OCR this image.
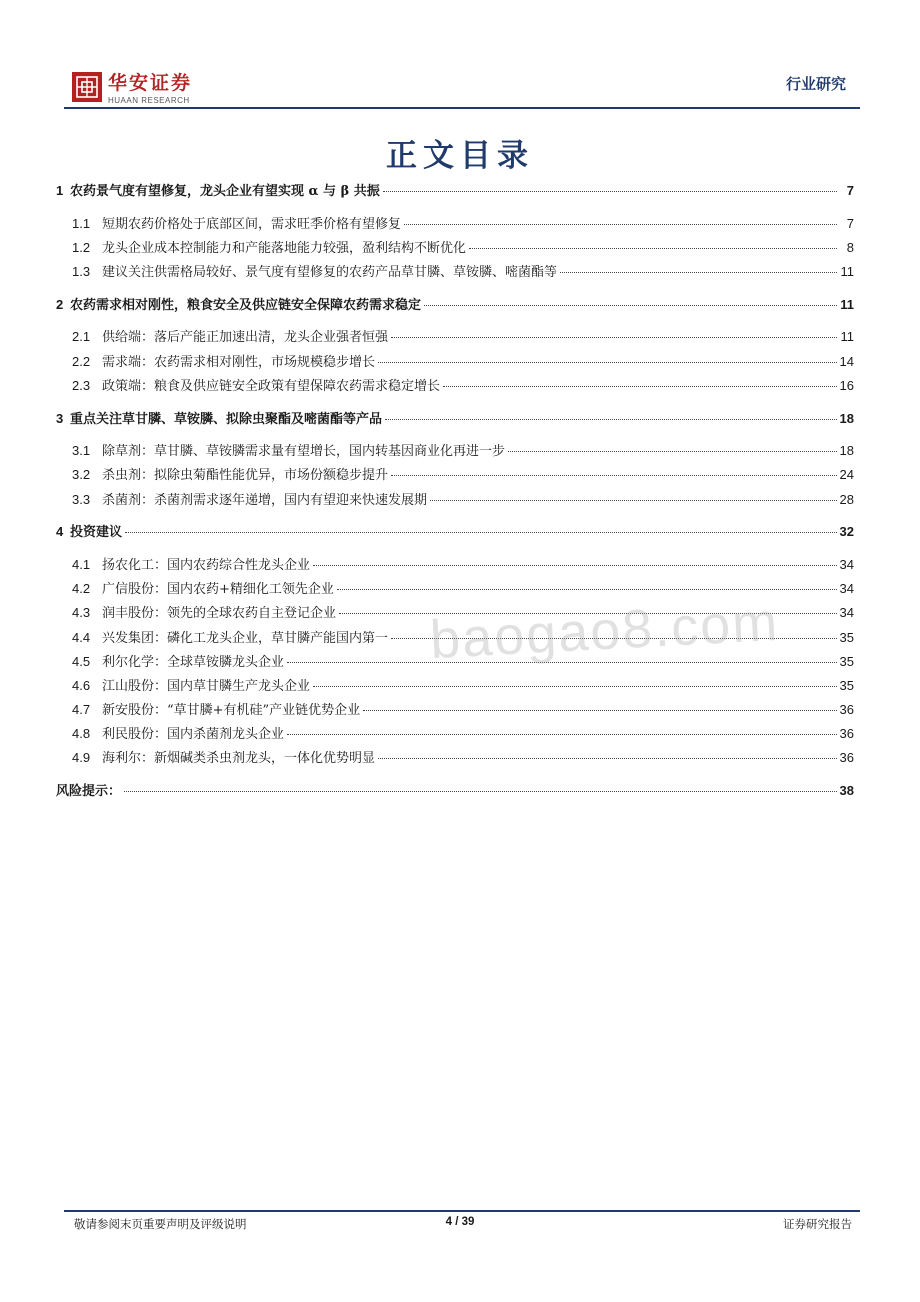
华安证券
HUAAN RESEARCH
行业研究
正文目录
1 农药景气度有望修复，龙头企业有望实现 α 与 β 共振	7
1.1 短期农药价格处于底部区间，需求旺季价格有望修复	7
1.2 龙头企业成本控制能力和产能落地能力较强，盈利结构不断优化	8
1.3 建议关注供需格局较好、景气度有望修复的农药产品草甘膦、草铵膦、嘧菌酯等	11
2 农药需求相对刚性，粮食安全及供应链安全保障农药需求稳定	11
2.1 供给端：落后产能正加速出清，龙头企业强者恒强	11
2.2 需求端：农药需求相对刚性，市场规模稳步增长	14
2.3 政策端：粮食及供应链安全政策有望保障农药需求稳定增长	16
3 重点关注草甘膦、草铵膦、拟除虫聚酯及嘧菌酯等产品	18
3.1 除草剂：草甘膦、草铵膦需求量有望增长，国内转基因商业化再进一步	18
3.2 杀虫剂：拟除虫菊酯性能优异，市场份额稳步提升	24
3.3 杀菌剂：杀菌剂需求逐年递增，国内有望迎来快速发展期	28
4 投资建议	32
4.1 扬农化工：国内农药综合性龙头企业	34
4.2 广信股份：国内农药+精细化工领先企业	34
4.3 润丰股份：领先的全球农药自主登记企业	34
4.4 兴发集团：磷化工龙头企业，草甘膦产能国内第一	35
4.5 利尔化学：全球草铵膦龙头企业	35
4.6 江山股份：国内草甘膦生产龙头企业	35
4.7 新安股份：“草甘膦+有机硅”产业链优势企业	36
4.8 利民股份：国内杀菌剂龙头企业	36
4.9 海利尔：新烟碱类杀虫剂龙头，一体化优势明显	36
风险提示：	38
baogao8.com
敬请参阅末页重要声明及评级说明	4 / 39	证券研究报告
